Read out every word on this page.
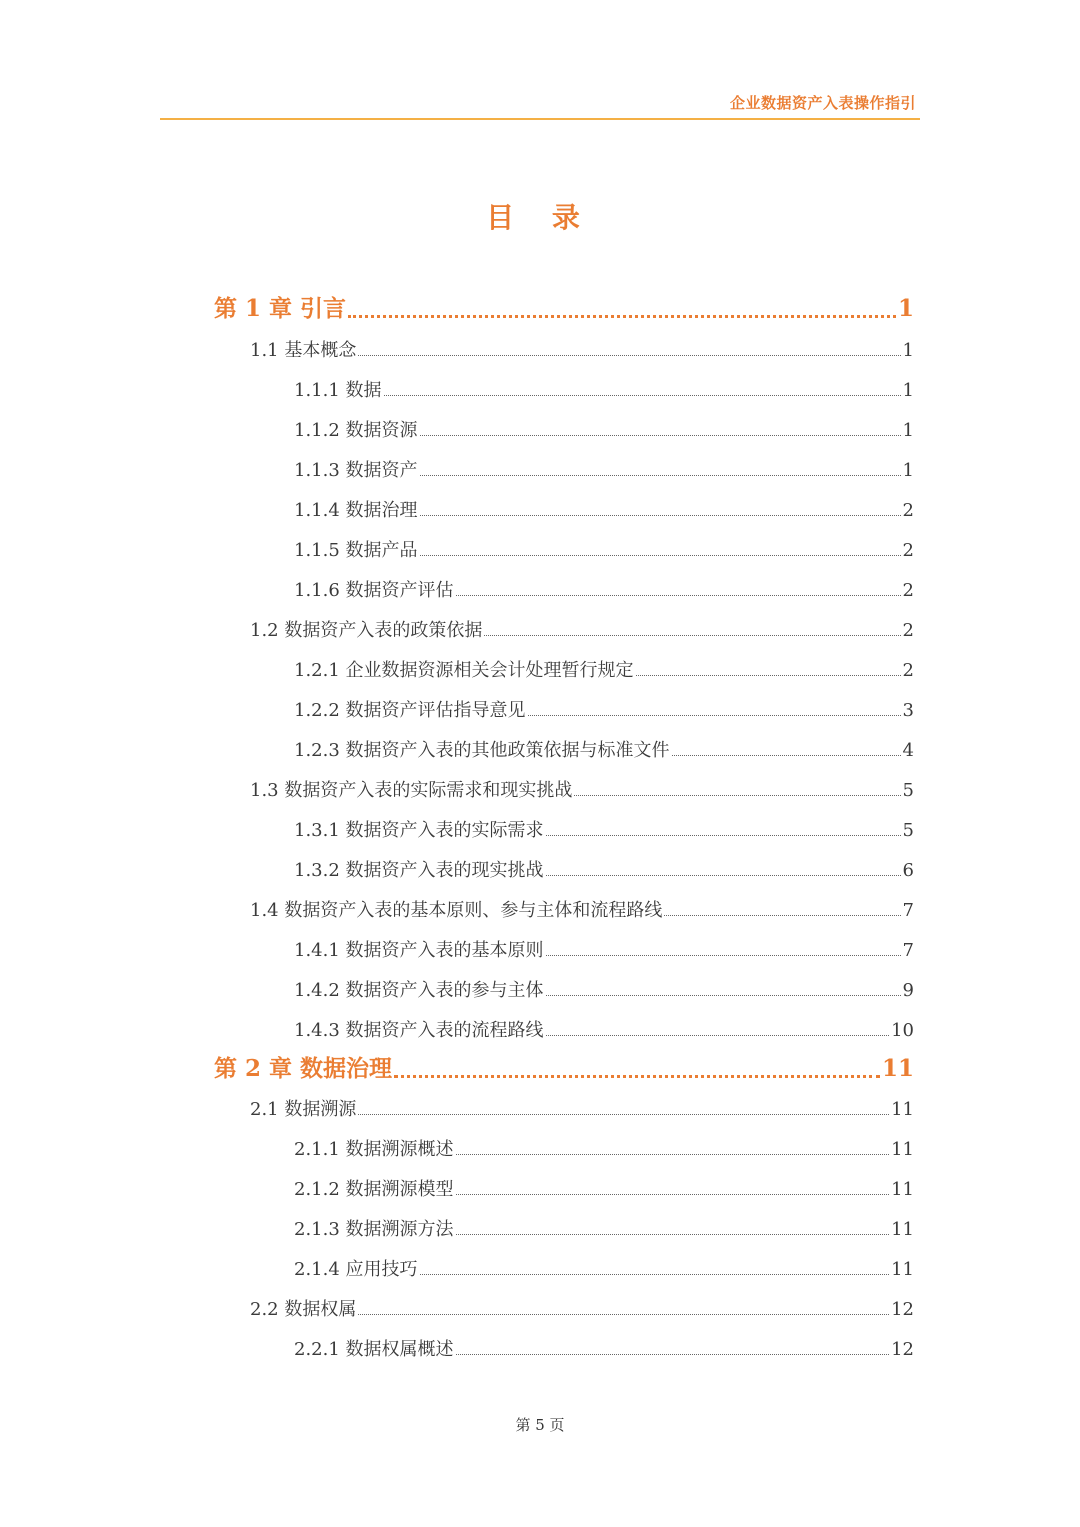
企业数据资产入表操作指引
目 录
第 1 章 引言	1
1.1 基本概念	1
1.1.1 数据	1
1.1.2 数据资源	1
1.1.3 数据资产	1
1.1.4 数据治理	2
1.1.5 数据产品	2
1.1.6 数据资产评估	2
1.2 数据资产入表的政策依据	2
1.2.1 企业数据资源相关会计处理暂行规定	2
1.2.2 数据资产评估指导意见	3
1.2.3 数据资产入表的其他政策依据与标准文件	4
1.3 数据资产入表的实际需求和现实挑战	5
1.3.1 数据资产入表的实际需求	5
1.3.2 数据资产入表的现实挑战	6
1.4 数据资产入表的基本原则、参与主体和流程路线	7
1.4.1 数据资产入表的基本原则	7
1.4.2 数据资产入表的参与主体	9
1.4.3 数据资产入表的流程路线	10
第 2 章 数据治理	11
2.1 数据溯源	11
2.1.1 数据溯源概述	11
2.1.2 数据溯源模型	11
2.1.3 数据溯源方法	11
2.1.4 应用技巧	11
2.2 数据权属	12
2.2.1 数据权属概述	12
第 5 页
